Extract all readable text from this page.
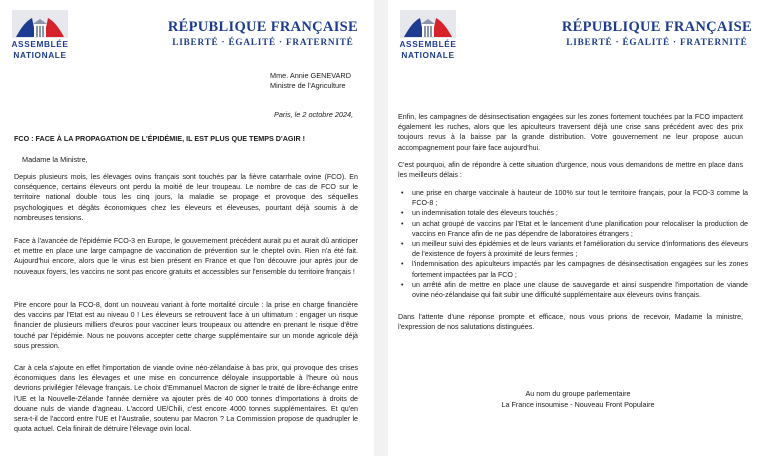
ASSEMBLÉE
NATIONALE
RÉPUBLIQUE FRANÇAISE
LIBERTÉ · ÉGALITÉ · FRATERNITÉ
Mme. Annie GENEVARD
Ministre de l'Agriculture
Paris, le 2 octobre 2024,
FCO : FACE À LA PROPAGATION DE L'ÉPIDÉMIE, IL EST PLUS QUE TEMPS D'AGIR !
Madame la Ministre,
Depuis plusieurs mois, les élevages ovins français sont touchés par la fièvre catarrhale ovine (FCO). En conséquence, certains éleveurs ont perdu la moitié de leur troupeau. Le nombre de cas de FCO sur le territoire national double tous les cinq jours, la maladie se propage et provoque des séquelles psychologiques et dégâts économiques chez les éleveurs et éleveuses, pourtant déjà soumis à de nombreuses tensions.
Face à l'avancée de l'épidémie FCO-3 en Europe, le gouvernement précédent aurait pu et aurait dû anticiper et mettre en place une large campagne de vaccination de prévention sur le cheptel ovin. Rien n'a été fait. Aujourd'hui encore, alors que le virus est bien présent en France et que l'on découvre jour après jour de nouveaux foyers, les vaccins ne sont pas encore gratuits et accessibles sur l'ensemble du territoire français !
Pire encore pour la FCO-8, dont un nouveau variant à forte mortalité circule : la prise en charge financière des vaccins par l'Etat est au niveau 0 ! Les éleveurs se retrouvent face à un ultimatum : engager un risque financier de plusieurs milliers d'euros pour vacciner leurs troupeaux ou attendre en prenant le risque d'être touché par l'épidémie. Nous ne pouvons accepter cette charge supplémentaire sur un monde agricole déjà sous pression.
Car à cela s'ajoute en effet l'importation de viande ovine néo-zélandaise à bas prix, qui provoque des crises économiques dans les élevages et une mise en concurrence déloyale insupportable à l'heure où nous devrions privilégier l'élevage français. Le choix d'Emmanuel Macron de signer le traité de libre-échange entre l'UE et la Nouvelle-Zélande l'année dernière va ajouter près de 40 000 tonnes d'importations à droits de douane nuls de viande d'agneau. L'accord UE/Chili, c'est encore 4000 tonnes supplémentaires. Et qu'en sera-t-il de l'accord entre l'UE et l'Australie, soutenu par Macron ? La Commission propose de quadrupler le quota actuel. Cela finirait de détruire l'élevage ovin local.
ASSEMBLÉE
NATIONALE
RÉPUBLIQUE FRANÇAISE
LIBERTÉ · ÉGALITÉ · FRATERNITÉ
Enfin, les campagnes de désinsectisation engagées sur les zones fortement touchées par la FCO impactent également les ruches, alors que les apiculteurs traversent déjà une crise sans précédent avec des prix toujours revus à la baisse par la grande distribution. Votre gouvernement ne leur propose aucun accompagnement pour faire face aujourd'hui.
C'est pourquoi, afin de répondre à cette situation d'urgence, nous vous demandons de mettre en place dans les meilleurs délais :
• une prise en charge vaccinale à hauteur de 100% sur tout le territoire français, pour la FCO-3 comme la FCO-8 ;
• un indemnisation totale des éleveurs touchés ;
• un achat groupé de vaccins par l'Etat et le lancement d'une planification pour relocaliser la production de vaccins en France afin de ne pas dépendre de laboratoires étrangers ;
• un meilleur suivi des épidémies et de leurs variants et l'amélioration du service d'informations des éleveurs de l'existence de foyers à proximité de leurs fermes ;
• l'indemnisation des apiculteurs impactés par les campagnes de désinsectisation engagées sur les zones fortement impactées par la FCO ;
• un arrêté afin de mettre en place une clause de sauvegarde et ainsi suspendre l'importation de viande ovine néo-zélandaise qui fait subir une difficulté supplémentaire aux éleveurs ovins français.
Dans l'attente d'une réponse prompte et efficace, nous vous prions de recevoir, Madame la ministre, l'expression de nos salutations distinguées.
Au nom du groupe parlementaire
La France insoumise - Nouveau Front Populaire
